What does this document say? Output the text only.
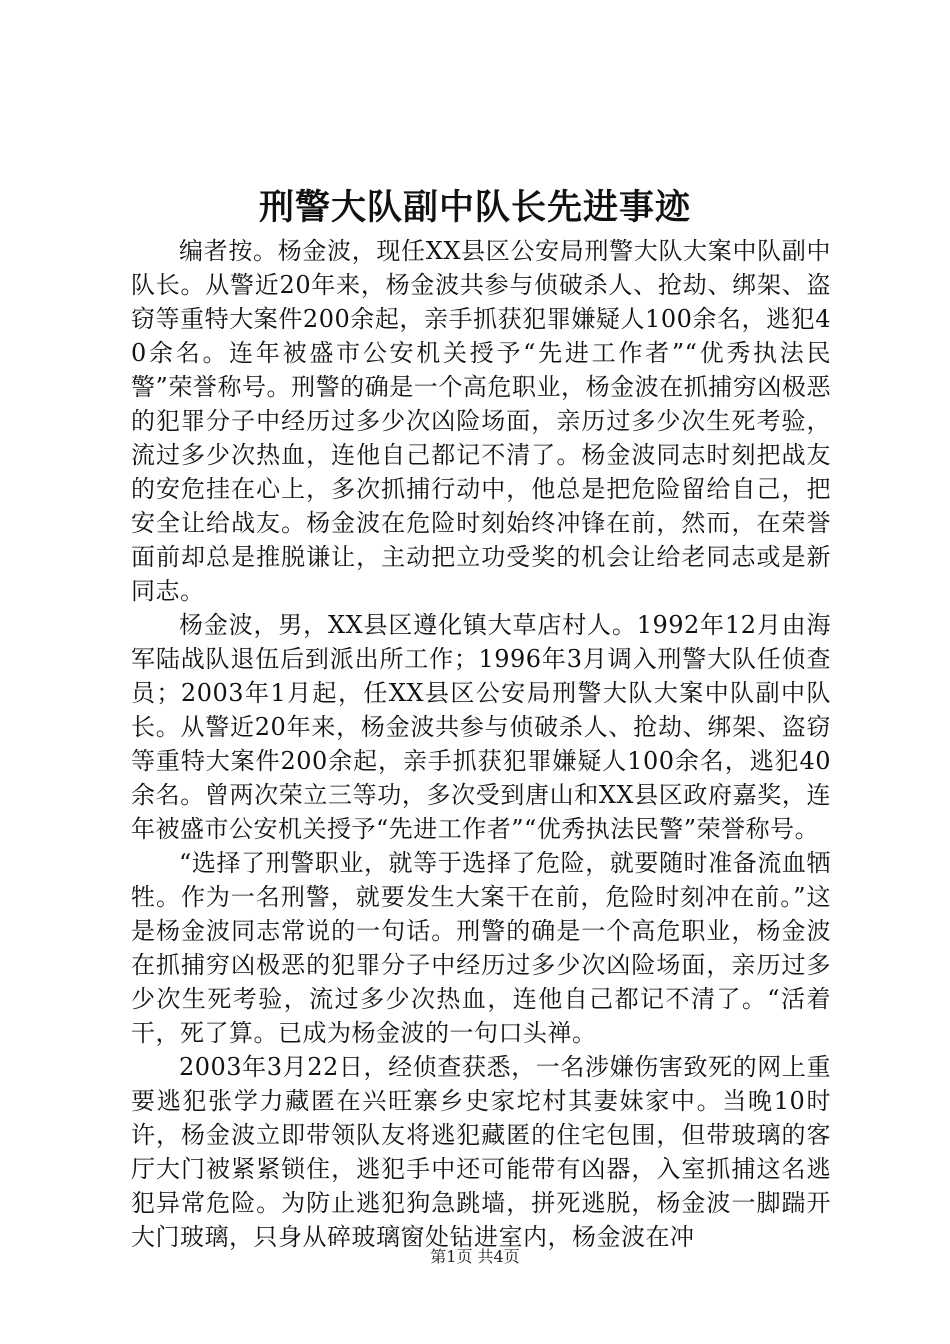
刑警大队副中队长先进事迹

编者按。杨金波，现任XX县区公安局刑警大队大案中队副中队长。从警近20年来，杨金波共参与侦破杀人、抢劫、绑架、盗窃等重特大案件200余起，亲手抓获犯罪嫌疑人100余名，逃犯40余名。连年被盛市公安机关授予“先进工作者”“优秀执法民警”荣誉称号。刑警的确是一个高危职业，杨金波在抓捕穷凶极恶的犯罪分子中经历过多少次凶险场面，亲历过多少次生死考验，流过多少次热血，连他自己都记不清了。杨金波同志时刻把战友的安危挂在心上，多次抓捕行动中，他总是把危险留给自己，把安全让给战友。杨金波在危险时刻始终冲锋在前，然而，在荣誉面前却总是推脱谦让，主动把立功受奖的机会让给老同志或是新同志。

杨金波，男，XX县区遵化镇大草店村人。1992年12月由海军陆战队退伍后到派出所工作；1996年3月调入刑警大队任侦查员；2003年1月起，任XX县区公安局刑警大队大案中队副中队长。从警近20年来，杨金波共参与侦破杀人、抢劫、绑架、盗窃等重特大案件200余起，亲手抓获犯罪嫌疑人100余名，逃犯40余名。曾两次荣立三等功，多次受到唐山和XX县区政府嘉奖，连年被盛市公安机关授予“先进工作者”“优秀执法民警”荣誉称号。

“选择了刑警职业，就等于选择了危险，就要随时准备流血牺牲。作为一名刑警，就要发生大案干在前，危险时刻冲在前。”这是杨金波同志常说的一句话。刑警的确是一个高危职业，杨金波在抓捕穷凶极恶的犯罪分子中经历过多少次凶险场面，亲历过多少次生死考验，流过多少次热血，连他自己都记不清了。“活着干，死了算。已成为杨金波的一句口头禅。

2003年3月22日，经侦查获悉，一名涉嫌伤害致死的网上重要逃犯张学力藏匿在兴旺寨乡史家坨村其妻妹家中。当晚10时许，杨金波立即带领队友将逃犯藏匿的住宅包围，但带玻璃的客厅大门被紧紧锁住，逃犯手中还可能带有凶器，入室抓捕这名逃犯异常危险。为防止逃犯狗急跳墙，拼死逃脱，杨金波一脚踹开大门玻璃，只身从碎玻璃窗处钻进室内，杨金波在冲

第1页 共4页
